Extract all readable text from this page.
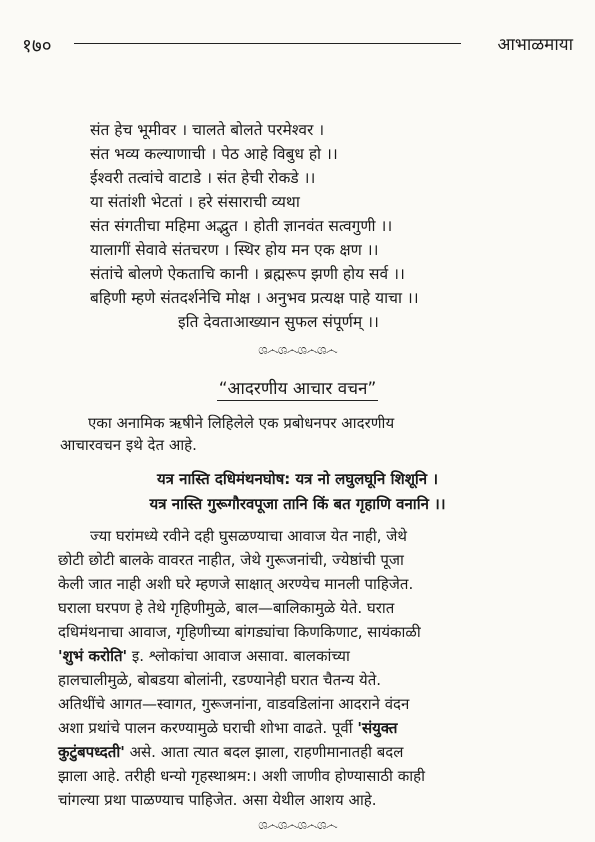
१७०	आभाळमाया
संत हेच भूमीवर । चालते बोलते परमेश्वर ।
संत भव्य कल्याणाची । पेठ आहे विबुध हो ।।
ईश्वरी तत्वांचे वाटाडे । संत हेची रोकडे ।।
या संतांशी भेटतां । हरे संसाराची व्यथा
संत संगतीचा महिमा अद्भुत । होती ज्ञानवंत सत्वगुणी ।।
यालागीं सेवावे संतचरण । स्थिर होय मन एक क्षण ।।
संतांचे बोलणे ऐकताचि कानी । ब्रह्मरूप झणी होय सर्व ।।
बहिणी म्हणे संतदर्शनेचि मोक्ष । अनुभव प्रत्यक्ष पाहे याचा ।।
इति देवताआख्यान सुफल संपूर्णम् ।।
ශ෴ශ෴ශ෴ශ෴
“आदरणीय आचार वचन”
एका अनामिक ऋषीने लिहिलेले एक प्रबोधनपर आदरणीय
आचारवचन इथे देत आहे.
यत्र नास्ति दधिमंथनघोष: यत्र नो लघुलघूनि शिशूनि ।
यत्र नास्ति गुरूगौरवपूजा तानि किं बत गृहाणि वनानि ।।
ज्या घरांमध्ये रवीने दही घुसळण्याचा आवाज येत नाही, जेथे
छोटी छोटी बालके वावरत नाहीत, जेथे गुरूजनांची, ज्येष्ठांची पूजा
केली जात नाही अशी घरे म्हणजे साक्षात् अरण्येच मानली पाहिजेत.
घराला घरपण हे तेथे गृहिणीमुळे, बाल—बालिकामुळे येते. घरात
दधिमंथनाचा आवाज, गृहिणीच्या बांगड्यांचा किणकिणाट, सायंकाळी
'शुभं करोति' इ. श्लोकांचा आवाज असावा. बालकांच्या
हालचालीमुळे, बोबडया बोलांनी, रडण्यानेही घरात चैतन्य येते.
अतिथींचे आगत—स्वागत, गुरूजनांना, वाडवडिलांना आदराने वंदन
अशा प्रथांचे पालन करण्यामुळे घराची शोभा वाढते. पूर्वी 'संयुक्त
कुटुंबपध्दती' असे. आता त्यात बदल झाला, राहणीमानातही बदल
झाला आहे. तरीही धन्यो गृहस्थाश्रम:। अशी जाणीव होण्यासाठी काही
चांगल्या प्रथा पाळण्याच पाहिजेत. असा येथील आशय आहे.
ශ෴ශ෴ශ෴ශ෴
